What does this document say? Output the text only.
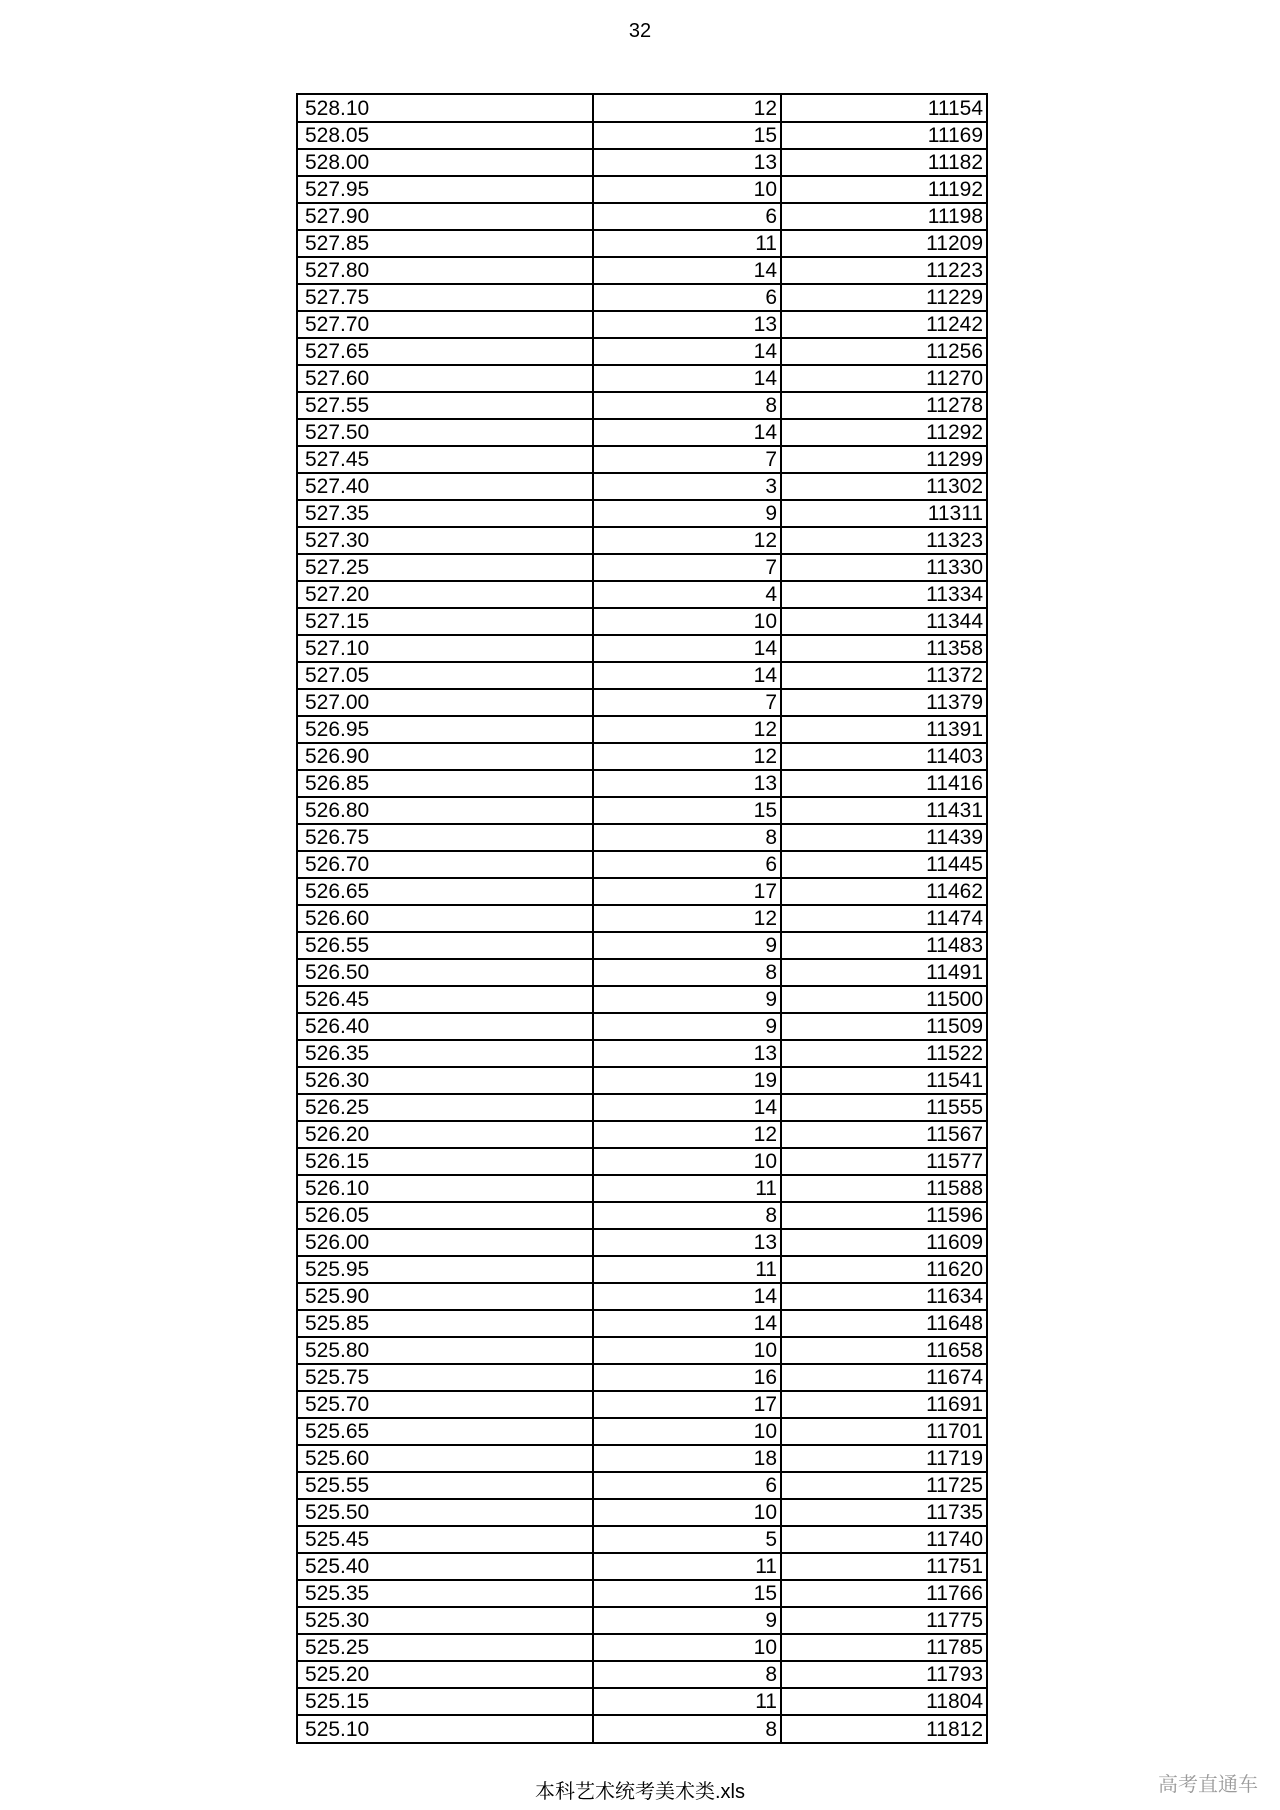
32
528.10	12	11154
528.05	15	11169
528.00	13	11182
527.95	10	11192
527.90	6	11198
527.85	11	11209
527.80	14	11223
527.75	6	11229
527.70	13	11242
527.65	14	11256
527.60	14	11270
527.55	8	11278
527.50	14	11292
527.45	7	11299
527.40	3	11302
527.35	9	11311
527.30	12	11323
527.25	7	11330
527.20	4	11334
527.15	10	11344
527.10	14	11358
527.05	14	11372
527.00	7	11379
526.95	12	11391
526.90	12	11403
526.85	13	11416
526.80	15	11431
526.75	8	11439
526.70	6	11445
526.65	17	11462
526.60	12	11474
526.55	9	11483
526.50	8	11491
526.45	9	11500
526.40	9	11509
526.35	13	11522
526.30	19	11541
526.25	14	11555
526.20	12	11567
526.15	10	11577
526.10	11	11588
526.05	8	11596
526.00	13	11609
525.95	11	11620
525.90	14	11634
525.85	14	11648
525.80	10	11658
525.75	16	11674
525.70	17	11691
525.65	10	11701
525.60	18	11719
525.55	6	11725
525.50	10	11735
525.45	5	11740
525.40	11	11751
525.35	15	11766
525.30	9	11775
525.25	10	11785
525.20	8	11793
525.15	11	11804
525.10	8	11812
本科艺术统考美术类.xls	高考直通车
